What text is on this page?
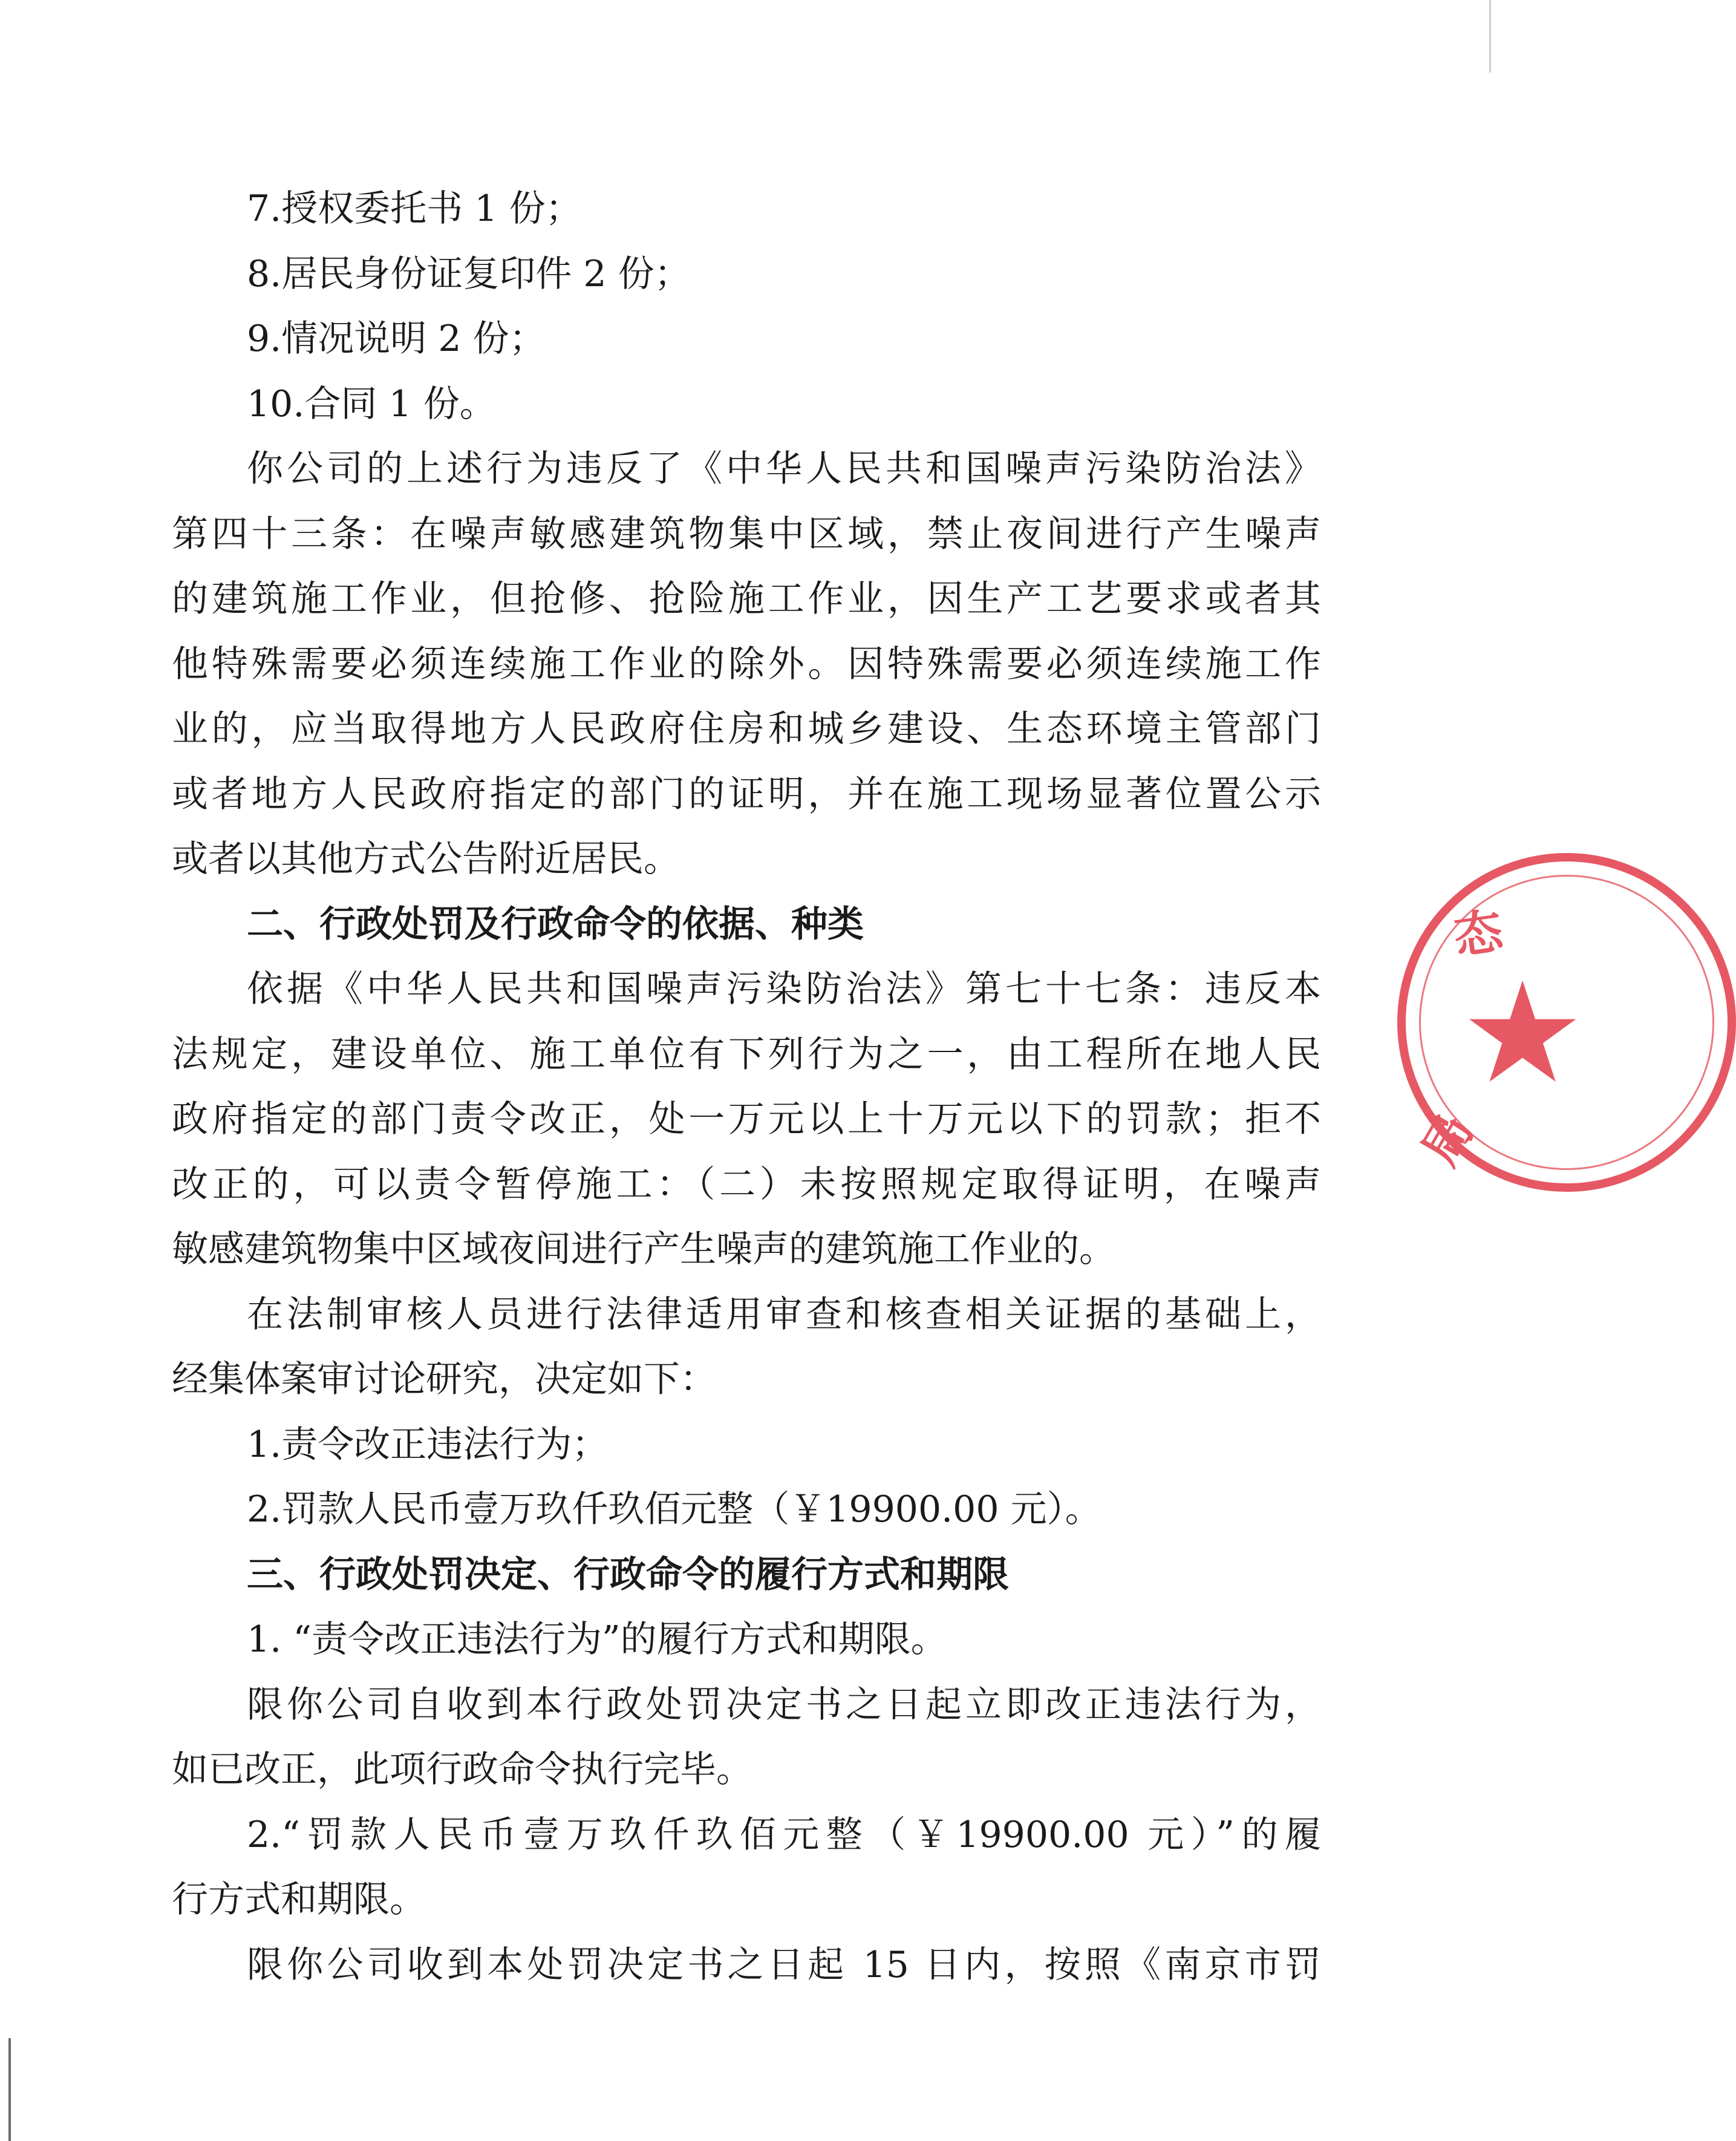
7.授权委托书 1 份；
8.居民身份证复印件 2 份；
9.情况说明 2 份；
10.合同 1 份。
你公司的上述行为违反了《中华人民共和国噪声污染防治法》
第四十三条：在噪声敏感建筑物集中区域，禁止夜间进行产生噪声
的建筑施工作业，但抢修、抢险施工作业，因生产工艺要求或者其
他特殊需要必须连续施工作业的除外。因特殊需要必须连续施工作
业的，应当取得地方人民政府住房和城乡建设、生态环境主管部门
或者地方人民政府指定的部门的证明，并在施工现场显著位置公示
或者以其他方式公告附近居民。
二、行政处罚及行政命令的依据、种类
依据《中华人民共和国噪声污染防治法》第七十七条：违反本
法规定，建设单位、施工单位有下列行为之一，由工程所在地人民
政府指定的部门责令改正，处一万元以上十万元以下的罚款；拒不
改正的，可以责令暂停施工：（二）未按照规定取得证明，在噪声
敏感建筑物集中区域夜间进行产生噪声的建筑施工作业的。
在法制审核人员进行法律适用审查和核查相关证据的基础上，
经集体案审讨论研究，决定如下：
1.责令改正违法行为；
2.罚款人民币壹万玖仟玖佰元整（￥19900.00 元）。
三、行政处罚决定、行政命令的履行方式和期限
1. “责令改正违法行为”的履行方式和期限。
限你公司自收到本行政处罚决定书之日起立即改正违法行为，
如已改正，此项行政命令执行完毕。
2.“罚款人民币壹万玖仟玖佰元整（￥19900.00 元）”的履
行方式和期限。
限你公司收到本处罚决定书之日起 15 日内，按照《南京市罚
态
★
局
